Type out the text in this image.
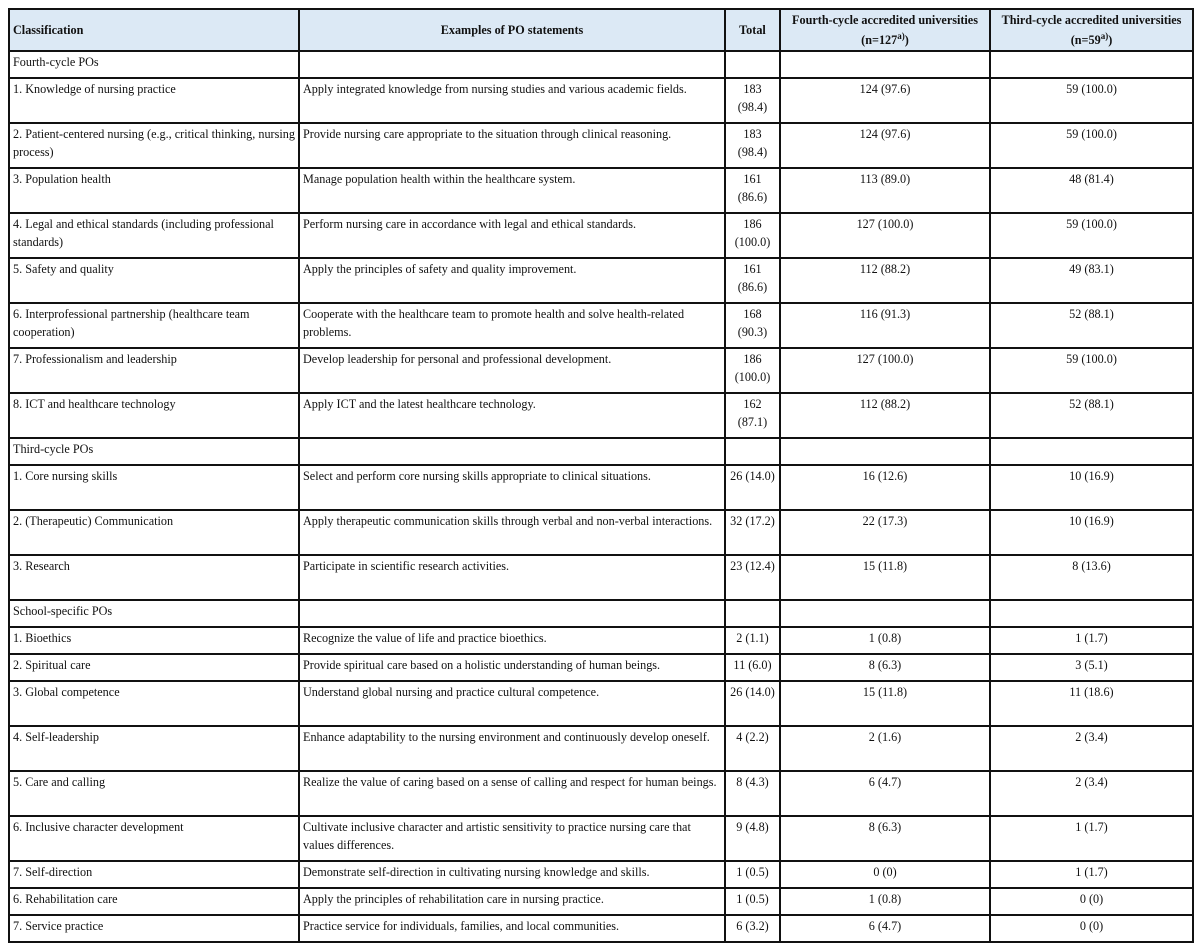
Classification	Examples of PO statements	Total	Fourth-cycle accredited universities $(n=127^{a)})$	Third-cycle accredited universities $(n=59^{a)})$
Fourth-cycle POs				
1. Knowledge of nursing practice	Apply integrated knowledge from nursing studies and various academic fields.	183 (98.4)	124 (97.6)	59 (100.0)
2. Patient-centered nursing (e.g., critical thinking, nursing process)	Provide nursing care appropriate to the situation through clinical reasoning.	183 (98.4)	124 (97.6)	59 (100.0)
3. Population health	Manage population health within the healthcare system.	161 (86.6)	113 (89.0)	48 (81.4)
4. Legal and ethical standards (including professional standards)	Perform nursing care in accordance with legal and ethical standards.	186 (100.0)	127 (100.0)	59 (100.0)
5. Safety and quality	Apply the principles of safety and quality improvement.	161 (86.6)	112 (88.2)	49 (83.1)
6. Interprofessional partnership (healthcare team cooperation)	Cooperate with the healthcare team to promote health and solve health-related problems.	168 (90.3)	116 (91.3)	52 (88.1)
7. Professionalism and leadership	Develop leadership for personal and professional development.	186 (100.0)	127 (100.0)	59 (100.0)
8. ICT and healthcare technology	Apply ICT and the latest healthcare technology.	162 (87.1)	112 (88.2)	52 (88.1)
Third-cycle POs				
1. Core nursing skills	Select and perform core nursing skills appropriate to clinical situations.	26 (14.0)	16 (12.6)	10 (16.9)
2. (Therapeutic) Communication	Apply therapeutic communication skills through verbal and non-verbal interactions.	32 (17.2)	22 (17.3)	10 (16.9)
3. Research	Participate in scientific research activities.	23 (12.4)	15 (11.8)	8 (13.6)
School-specific POs				
1. Bioethics	Recognize the value of life and practice bioethics.	2 (1.1)	1 (0.8)	1 (1.7)
2. Spiritual care	Provide spiritual care based on a holistic understanding of human beings.	11 (6.0)	8 (6.3)	3 (5.1)
3. Global competence	Understand global nursing and practice cultural competence.	26 (14.0)	15 (11.8)	11 (18.6)
4. Self-leadership	Enhance adaptability to the nursing environment and continuously develop oneself.	4 (2.2)	2 (1.6)	2 (3.4)
5. Care and calling	Realize the value of caring based on a sense of calling and respect for human beings.	8 (4.3)	6 (4.7)	2 (3.4)
6. Inclusive character development	Cultivate inclusive character and artistic sensitivity to practice nursing care that values differences.	9 (4.8)	8 (6.3)	1 (1.7)
7. Self-direction	Demonstrate self-direction in cultivating nursing knowledge and skills.	1 (0.5)	0 (0)	1 (1.7)
6. Rehabilitation care	Apply the principles of rehabilitation care in nursing practice.	1 (0.5)	1 (0.8)	0 (0)
7. Service practice	Practice service for individuals, families, and local communities.	6 (3.2)	6 (4.7)	0 (0)
